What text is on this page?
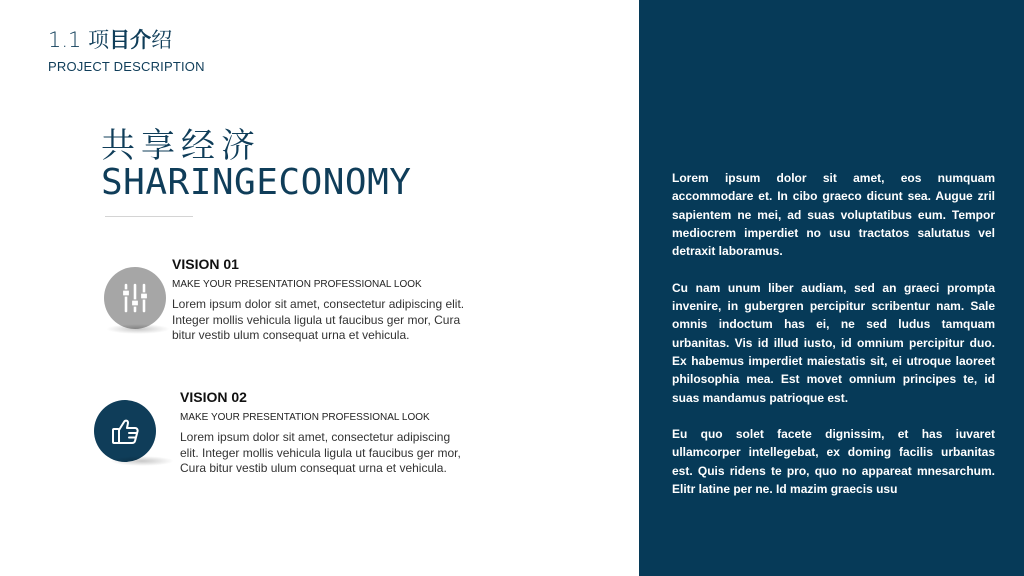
1.1 项目介绍
PROJECT DESCRIPTION
共享经济
SHARINGECONOMY
VISION 01
MAKE YOUR PRESENTATION PROFESSIONAL LOOK
Lorem ipsum dolor sit amet, consectetur adipiscing elit. Integer mollis vehicula ligula ut faucibus ger mor, Cura bitur vestib ulum consequat urna et vehicula.
VISION 02
MAKE YOUR PRESENTATION PROFESSIONAL LOOK
Lorem ipsum dolor sit amet, consectetur adipiscing elit. Integer mollis vehicula ligula ut faucibus ger mor, Cura bitur vestib ulum consequat urna et vehicula.

Lorem ipsum dolor sit amet, eos numquam accommodare et. In cibo graeco dicunt sea. Augue zril sapientem ne mei, ad suas voluptatibus eum. Tempor mediocrem imperdiet no usu tractatos salutatus vel detraxit laboramus.

Cu nam unum liber audiam, sed an graeci prompta invenire, in gubergren percipitur scribentur nam. Sale omnis indoctum has ei, ne sed ludus tamquam urbanitas. Vis id illud iusto, id omnium percipitur duo. Ex habemus imperdiet maiestatis sit, ei utroque laoreet philosophia mea. Est movet omnium principes te, id suas mandamus patrioque est.

Eu quo solet facete dignissim, et has iuvaret ullamcorper intellegebat, ex doming facilis urbanitas est. Quis ridens te pro, quo no appareat mnesarchum. Elitr latine per ne. Id mazim graecis usu
